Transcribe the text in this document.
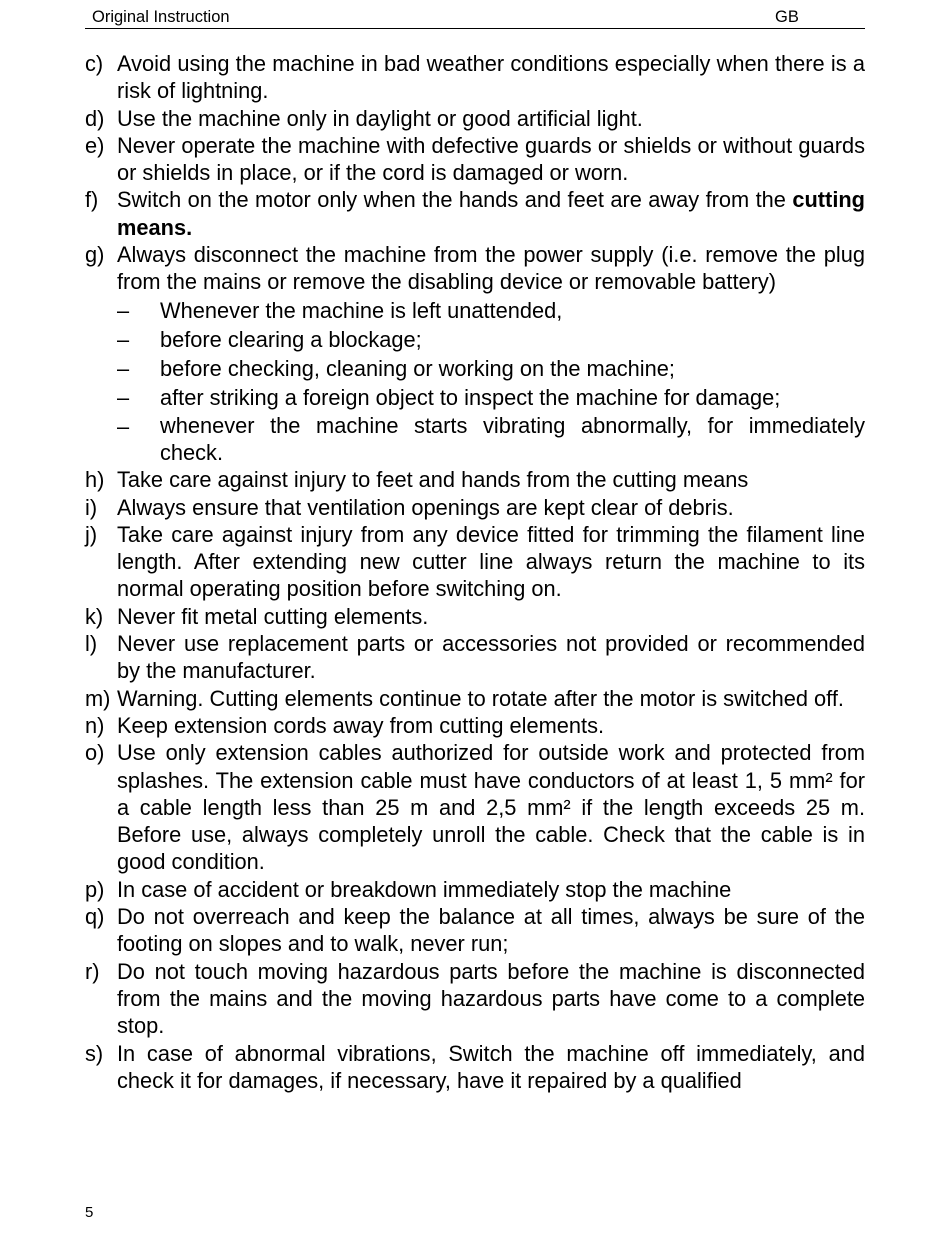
Original Instruction	GB
c) Avoid using the machine in bad weather conditions especially when there is a risk of lightning.
d) Use the machine only in daylight or good artificial light.
e) Never operate the machine with defective guards or shields or without guards or shields in place, or if the cord is damaged or worn.
f) Switch on the motor only when the hands and feet are away from the cutting means.
g) Always disconnect the machine from the power supply (i.e. remove the plug from the mains or remove the disabling device or removable battery)
–	Whenever the machine is left unattended,
–	before clearing a blockage;
–	before checking, cleaning or working on the machine;
–	after striking a foreign object to inspect the machine for damage;
–	whenever the machine starts vibrating abnormally, for immediately check.
h) Take care against injury to feet and hands from the cutting means
i) Always ensure that ventilation openings are kept clear of debris.
j) Take care against injury from any device fitted for trimming the filament line length. After extending new cutter line always return the machine to its normal operating position before switching on.
k) Never fit metal cutting elements.
l) Never use replacement parts or accessories not provided or recommended by the manufacturer.
m) Warning. Cutting elements continue to rotate after the motor is switched off.
n) Keep extension cords away from cutting elements.
o) Use only extension cables authorized for outside work and protected from splashes. The extension cable must have conductors of at least 1, 5 mm² for a cable length less than 25 m and 2,5 mm² if the length exceeds 25 m. Before use, always completely unroll the cable. Check that the cable is in good condition.
p) In case of accident or breakdown immediately stop the machine
q) Do not overreach and keep the balance at all times, always be sure of the footing on slopes and to walk, never run;
r) Do not touch moving hazardous parts before the machine is disconnected from the mains and the moving hazardous parts have come to a complete stop.
s) In case of abnormal vibrations, Switch the machine off immediately, and check it for damages, if necessary, have it repaired by a qualified
5
